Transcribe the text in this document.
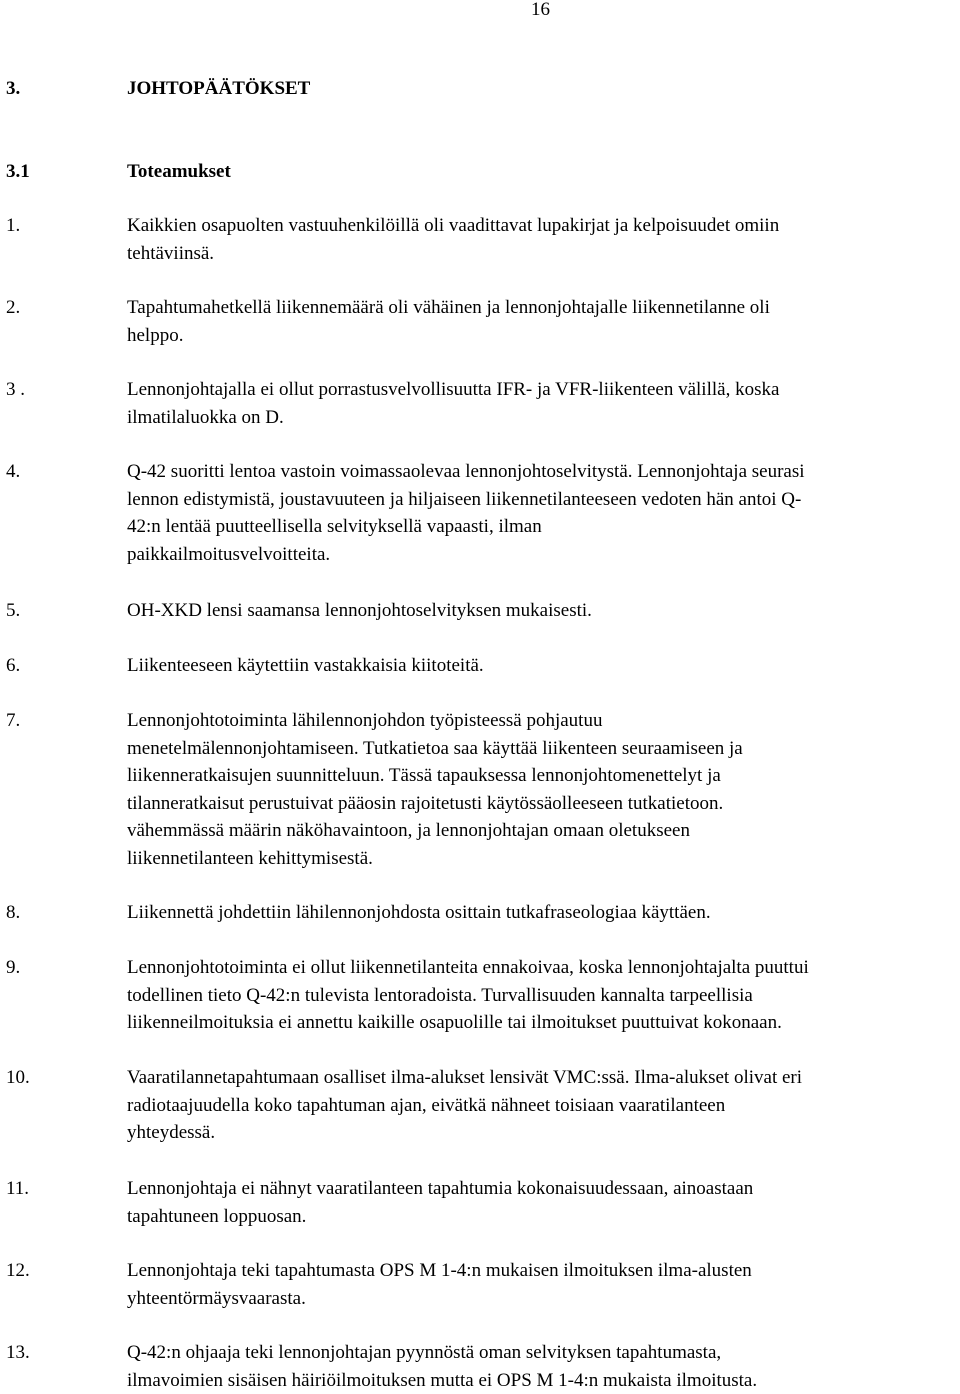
16
3.	JOHTOPÄÄTÖKSET
3.1	Toteamukset
1.	Kaikkien osapuolten vastuuhenkilöillä oli vaadittavat lupakirjat ja kelpoisuudet omiin
tehtäviinsä.
2.	Tapahtumahetkellä liikennemäärä oli vähäinen ja lennonjohtajalle liikennetilanne oli
helppo.
3 .	Lennonjohtajalla ei ollut porrastusvelvollisuutta IFR- ja VFR-liikenteen välillä, koska
ilmatilaluokka on D.
4.	Q-42 suoritti lentoa vastoin voimassaolevaa lennonjohtoselvitystä. Lennonjohtaja seurasi
lennon edistymistä, joustavuuteen ja hiljaiseen liikennetilanteeseen vedoten hän antoi Q-
42:n lentää puutteellisella selvityksellä vapaasti, ilman
paikkailmoitusvelvoitteita.
5.	OH-XKD lensi saamansa lennonjohtoselvityksen mukaisesti.
6.	Liikenteeseen käytettiin vastakkaisia kiitoteitä.
7.	Lennonjohtotoiminta lähilennonjohdon työpisteessä pohjautuu
menetelmälennonjohtamiseen. Tutkatietoa saa käyttää liikenteen seuraamiseen ja
liikenneratkaisujen suunnitteluun. Tässä tapauksessa lennonjohtomenettelyt ja
tilanneratkaisut perustuivat pääosin rajoitetusti käytössäolleeseen tutkatietoon.
vähemmässä määrin näköhavaintoon, ja lennonjohtajan omaan oletukseen
liikennetilanteen kehittymisestä.
8.	Liikennettä johdettiin lähilennonjohdosta osittain tutkafraseologiaa käyttäen.
9.	Lennonjohtotoiminta ei ollut liikennetilanteita ennakoivaa, koska lennonjohtajalta puuttui
todellinen tieto Q-42:n tulevista lentoradoista. Turvallisuuden kannalta tarpeellisia
liikenneilmoituksia ei annettu kaikille osapuolille tai ilmoitukset puuttuivat kokonaan.
10.	Vaaratilannetapahtumaan osalliset ilma-alukset lensivät VMC:ssä. Ilma-alukset olivat eri
radiotaajuudella koko tapahtuman ajan, eivätkä nähneet toisiaan vaaratilanteen
yhteydessä.
11.	Lennonjohtaja ei nähnyt vaaratilanteen tapahtumia kokonaisuudessaan, ainoastaan
tapahtuneen loppuosan.
12.	Lennonjohtaja teki tapahtumasta OPS M 1-4:n mukaisen ilmoituksen ilma-alusten
yhteentörmäysvaarasta.
13.	Q-42:n ohjaaja teki lennonjohtajan pyynnöstä oman selvityksen tapahtumasta,
ilmavoimien sisäisen häiriöilmoituksen mutta ei OPS M 1-4:n mukaista ilmoitusta.
